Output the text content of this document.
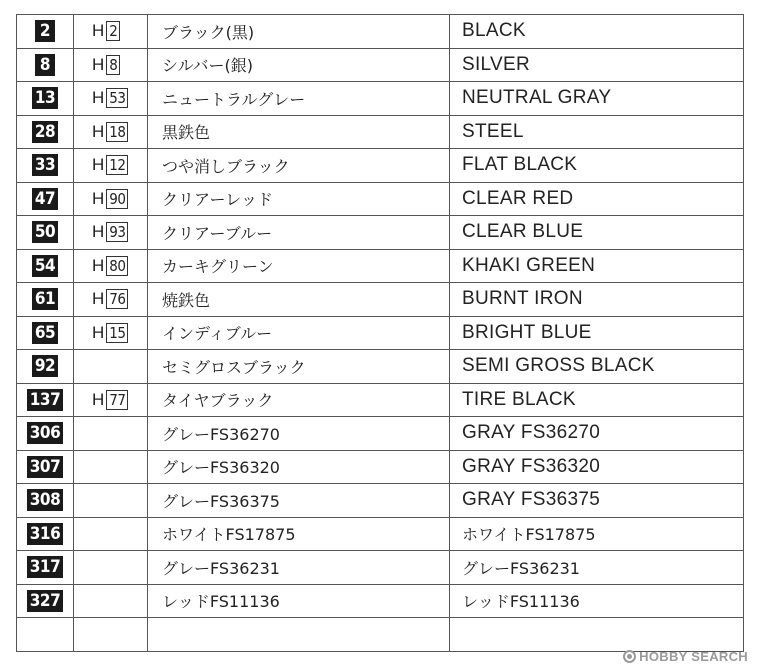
2	H 2	ブラック(黒)	BLACK
8	H 8	シルバー(銀)	SILVER
13	H 53	ニュートラルグレー	NEUTRAL GRAY
28	H 18	黒鉄色	STEEL
33	H 12	つや消しブラック	FLAT BLACK
47	H 90	クリアーレッド	CLEAR RED
50	H 93	クリアーブルー	CLEAR BLUE
54	H 80	カーキグリーン	KHAKI GREEN
61	H 76	焼鉄色	BURNT IRON
65	H 15	インディブルー	BRIGHT BLUE
92		セミグロスブラック	SEMI GROSS BLACK
137	H 77	タイヤブラック	TIRE BLACK
306		グレーFS36270	GRAY FS36270
307		グレーFS36320	GRAY FS36320
308		グレーFS36375	GRAY FS36375
316		ホワイトFS17875	ホワイトFS17875
317		グレーFS36231	グレーFS36231
327		レッドFS11136	レッドFS11136

HOBBY SEARCH
